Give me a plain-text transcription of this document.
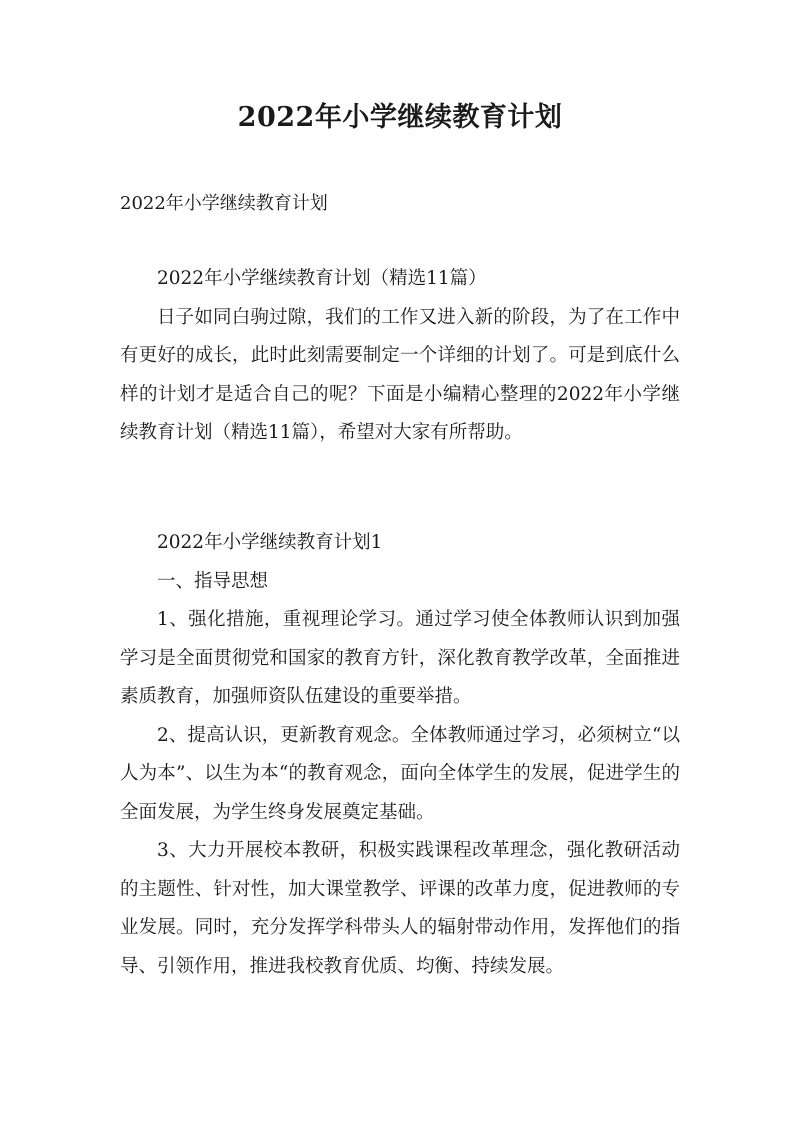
2022年小学继续教育计划
2022年小学继续教育计划

2022年小学继续教育计划（精选11篇）

日子如同白驹过隙，我们的工作又进入新的阶段，为了在工作中有更好的成长，此时此刻需要制定一个详细的计划了。可是到底什么样的计划才是适合自己的呢？下面是小编精心整理的2022年小学继续教育计划（精选11篇），希望对大家有所帮助。

2022年小学继续教育计划1

一、指导思想

1、强化措施，重视理论学习。通过学习使全体教师认识到加强学习是全面贯彻党和国家的教育方针，深化教育教学改革，全面推进素质教育，加强师资队伍建设的重要举措。

2、提高认识，更新教育观念。全体教师通过学习，必须树立“以人为本”、以生为本“的教育观念，面向全体学生的发展，促进学生的全面发展，为学生终身发展奠定基础。

3、大力开展校本教研，积极实践课程改革理念，强化教研活动的主题性、针对性，加大课堂教学、评课的改革力度，促进教师的专业发展。同时，充分发挥学科带头人的辐射带动作用，发挥他们的指导、引领作用，推进我校教育优质、均衡、持续发展。
